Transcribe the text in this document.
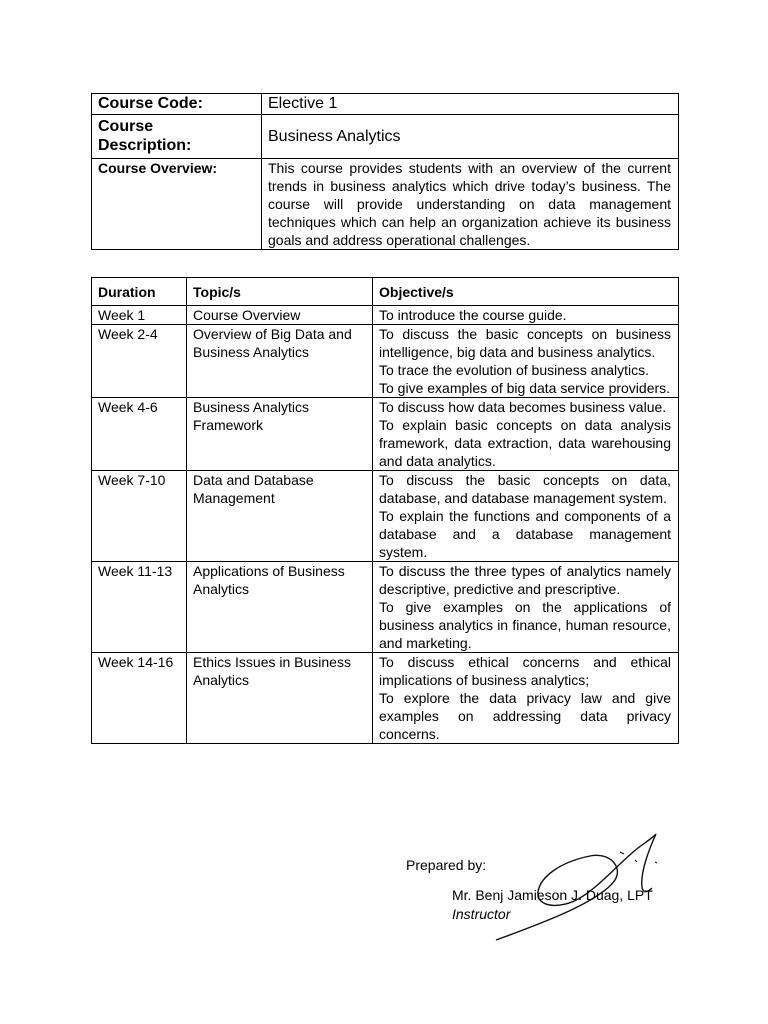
Course Code:	Elective 1
Course
Description:	Business Analytics
Course Overview:	This course provides students with an overview of the current trends in business analytics which drive today’s business. The course will provide understanding on data management techniques which can help an organization achieve its business goals and address operational challenges.
Duration	Topic/s	Objective/s
Week 1	Course Overview	To introduce the course guide.

Week 2-4	Overview of Big Data and Business Analytics	To discuss the basic concepts on business intelligence, big data and business analytics.
To trace the evolution of business analytics.
To give examples of big data service providers.

Week 4-6	Business Analytics Framework	To discuss how data becomes business value.
To explain basic concepts on data analysis framework, data extraction, data warehousing and data analytics.

Week 7-10	Data and Database Management	To discuss the basic concepts on data, database, and database management system.
To explain the functions and components of a database and a database management system.

Week 11-13	Applications of Business Analytics	To discuss the three types of analytics namely descriptive, predictive and prescriptive.
To give examples on the applications of business analytics in finance, human resource, and marketing.

Week 14-16	Ethics Issues in Business Analytics	To discuss ethical concerns and ethical implications of business analytics;
To explore the data privacy law and give examples on addressing data privacy concerns.
Prepared by:
Mr. Benj Jamieson J. Duag, LPT
Instructor
